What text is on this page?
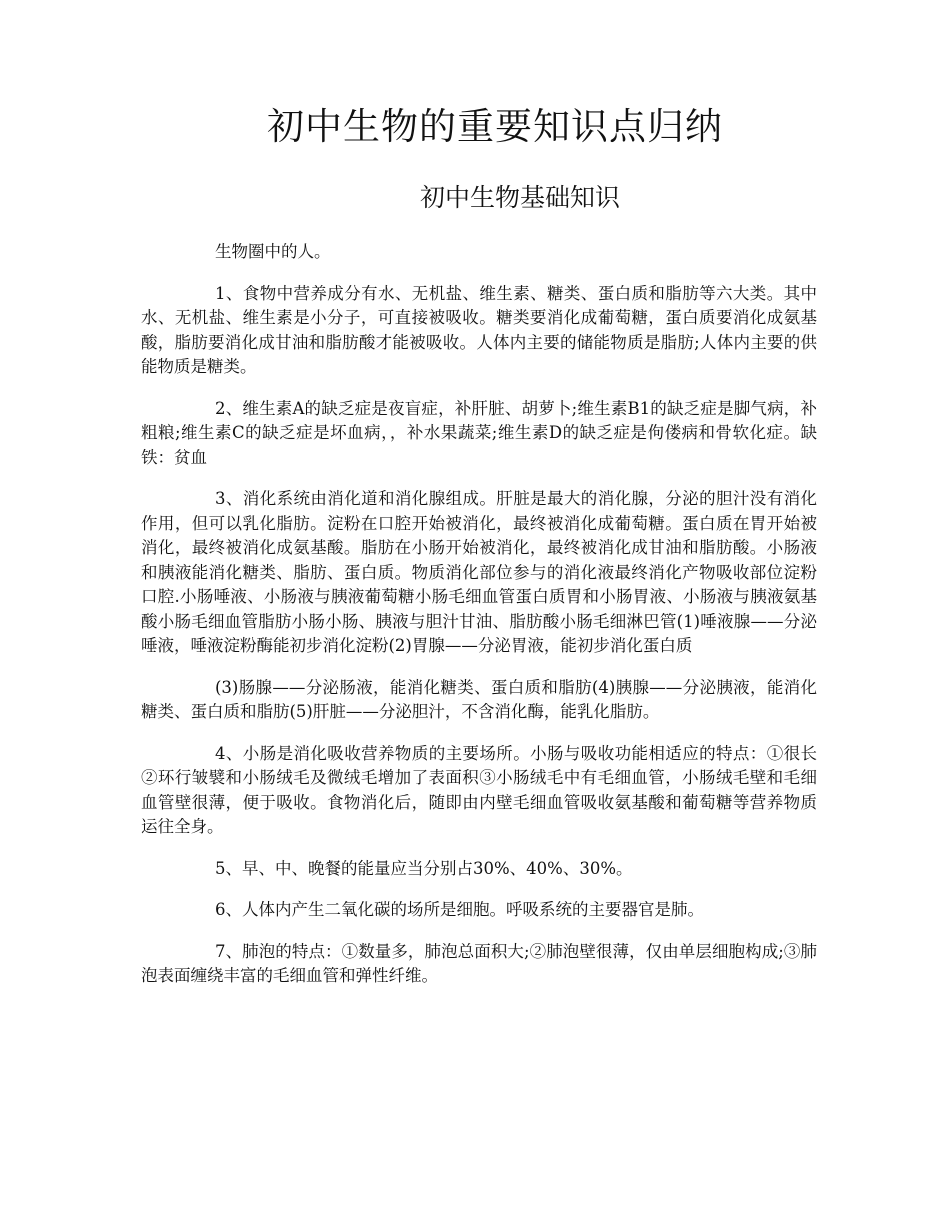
初中生物的重要知识点归纳
初中生物基础知识

生物圈中的人。

1、食物中营养成分有水、无机盐、维生素、糖类、蛋白质和脂肪等六大类。其中水、无机盐、维生素是小分子，可直接被吸收。糖类要消化成葡萄糖，蛋白质要消化成氨基酸，脂肪要消化成甘油和脂肪酸才能被吸收。人体内主要的储能物质是脂肪;人体内主要的供能物质是糖类。

2、维生素A的缺乏症是夜盲症，补肝脏、胡萝卜;维生素B1的缺乏症是脚气病，补粗粮;维生素C的缺乏症是坏血病，，补水果蔬菜;维生素D的缺乏症是佝偻病和骨软化症。缺铁：贫血

3、消化系统由消化道和消化腺组成。肝脏是最大的消化腺，分泌的胆汁没有消化作用，但可以乳化脂肪。淀粉在口腔开始被消化，最终被消化成葡萄糖。蛋白质在胃开始被消化，最终被消化成氨基酸。脂肪在小肠开始被消化，最终被消化成甘油和脂肪酸。小肠液和胰液能消化糖类、脂肪、蛋白质。物质消化部位参与的消化液最终消化产物吸收部位淀粉口腔.小肠唾液、小肠液与胰液葡萄糖小肠毛细血管蛋白质胃和小肠胃液、小肠液与胰液氨基酸小肠毛细血管脂肪小肠小肠、胰液与胆汁甘油、脂肪酸小肠毛细淋巴管(1)唾液腺——分泌唾液，唾液淀粉酶能初步消化淀粉(2)胃腺——分泌胃液，能初步消化蛋白质

(3)肠腺——分泌肠液，能消化糖类、蛋白质和脂肪(4)胰腺——分泌胰液，能消化糖类、蛋白质和脂肪(5)肝脏——分泌胆汁，不含消化酶，能乳化脂肪。

4、小肠是消化吸收营养物质的主要场所。小肠与吸收功能相适应的特点：①很长②环行皱襞和小肠绒毛及微绒毛增加了表面积③小肠绒毛中有毛细血管，小肠绒毛壁和毛细血管壁很薄，便于吸收。食物消化后，随即由内壁毛细血管吸收氨基酸和葡萄糖等营养物质运往全身。

5、早、中、晚餐的能量应当分别占30%、40%、30%。

6、人体内产生二氧化碳的场所是细胞。呼吸系统的主要器官是肺。

7、肺泡的特点：①数量多，肺泡总面积大;②肺泡壁很薄，仅由单层细胞构成;③肺泡表面缠绕丰富的毛细血管和弹性纤维。
